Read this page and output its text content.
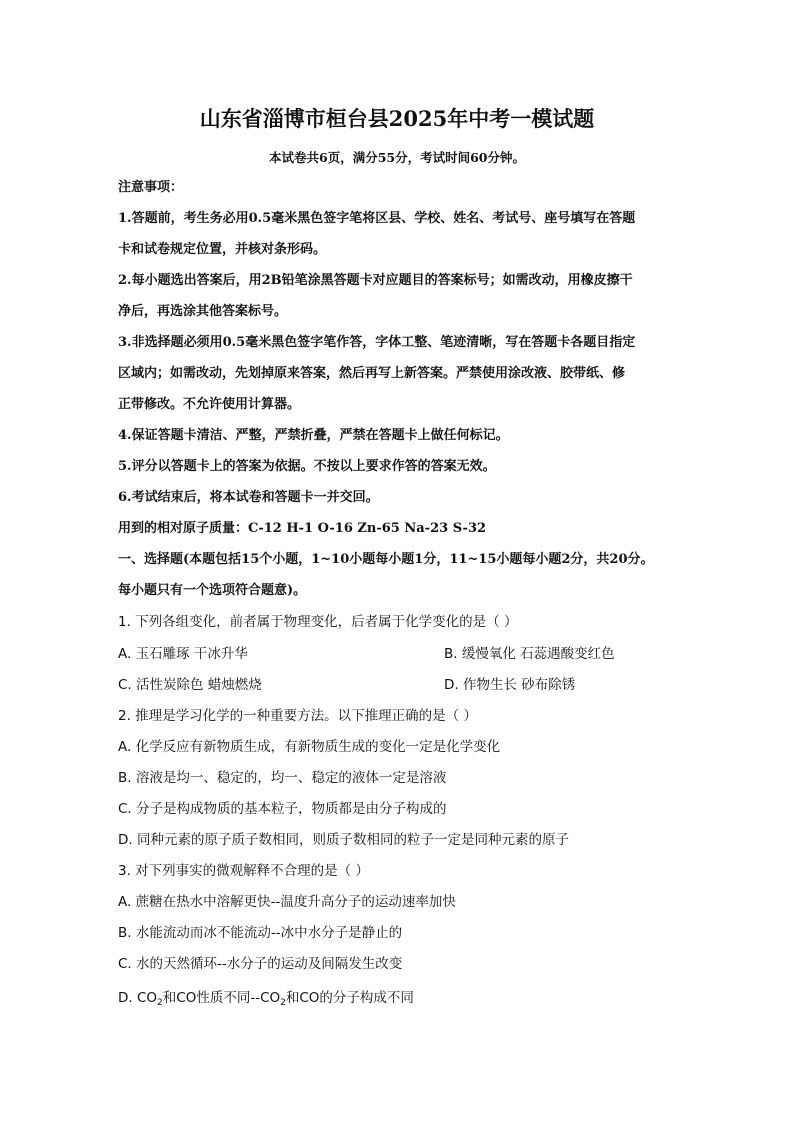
山东省淄博市桓台县2025年中考一模试题
本试卷共6页，满分55分，考试时间60分钟。
注意事项：
1.答题前，考生务必用0.5毫米黑色签字笔将区县、学校、姓名、考试号、座号填写在答题
卡和试卷规定位置，并核对条形码。
2.每小题选出答案后，用2B铅笔涂黑答题卡对应题目的答案标号；如需改动，用橡皮擦干
净后，再选涂其他答案标号。
3.非选择题必须用0.5毫米黑色签字笔作答，字体工整、笔迹清晰，写在答题卡各题目指定
区域内；如需改动，先划掉原来答案，然后再写上新答案。严禁使用涂改液、胶带纸、修
正带修改。不允许使用计算器。
4.保证答题卡清洁、严整，严禁折叠，严禁在答题卡上做任何标记。
5.评分以答题卡上的答案为依据。不按以上要求作答的答案无效。
6.考试结束后，将本试卷和答题卡一并交回。
用到的相对原子质量：C-12 H-1 O-16 Zn-65 Na-23 S-32
一、选择题(本题包括15个小题，1~10小题每小题1分，11~15小题每小题2分，共20分。
每小题只有一个选项符合题意)。
1. 下列各组变化，前者属于物理变化，后者属于化学变化的是（ ）
A. 玉石雕琢 干冰升华	B. 缓慢氧化 石蕊遇酸变红色
C. 活性炭除色 蜡烛燃烧	D. 作物生长 砂布除锈
2. 推理是学习化学的一种重要方法。以下推理正确的是（ ）
A. 化学反应有新物质生成，有新物质生成的变化一定是化学变化
B. 溶液是均一、稳定的，均一、稳定的液体一定是溶液
C. 分子是构成物质的基本粒子，物质都是由分子构成的
D. 同种元素的原子质子数相同，则质子数相同的粒子一定是同种元素的原子
3. 对下列事实的微观解释不合理的是（ ）
A. 蔗糖在热水中溶解更快--温度升高分子的运动速率加快
B. 水能流动而冰不能流动--冰中水分子是静止的
C. 水的天然循环--水分子的运动及间隔发生改变
D. $CO_2$和CO性质不同$--CO_2$和CO的分子构成不同
